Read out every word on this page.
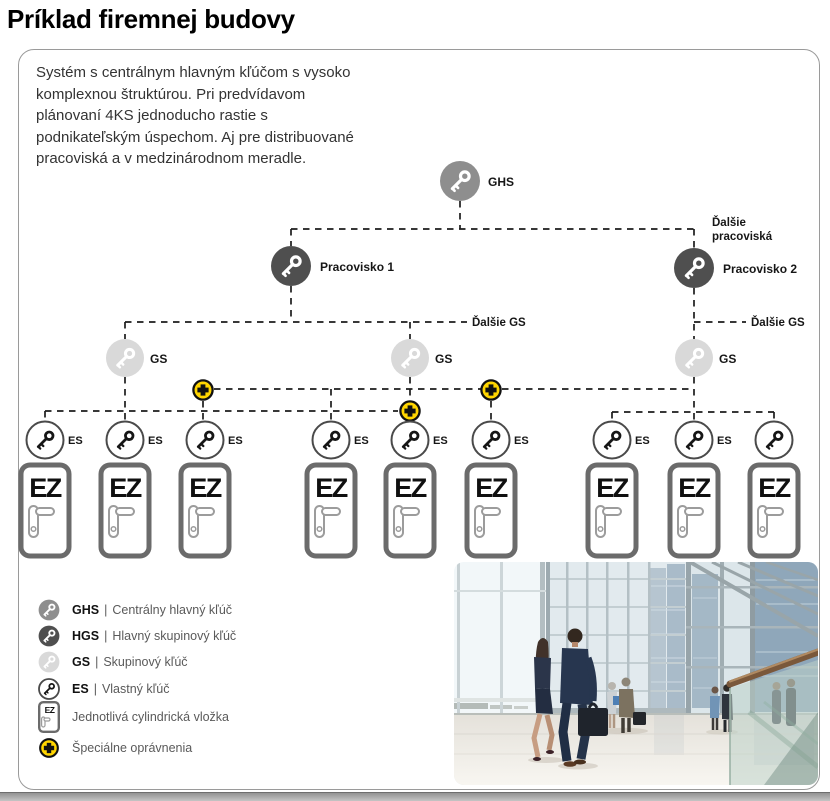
Príklad firemnej budovy
Systém s centrálnym hlavným kľúčom s vysoko
komplexnou štruktúrou. Pri predvídavom
plánovaní 4KS jednoducho rastie s
podnikateľským úspechom. Aj pre distribuované
pracoviská a v medzinárodnom meradle.
GHS
Pracovisko 1	Pracovisko 2
Ďalšie
pracoviská
Ďalšie GS	Ďalšie GS
GS	GS	GS
ES	ES	ES	ES	ES	ES	ES	ES
EZ EZ EZ	EZ EZ EZ	EZ EZ EZ
GHS | Centrálny hlavný kľúč
HGS | Hlavný skupinový kľúč
GS | Skupinový kľúč
ES | Vlastný kľúč
EZ Jednotlivá cylindrická vložka
Špeciálne oprávnenia
